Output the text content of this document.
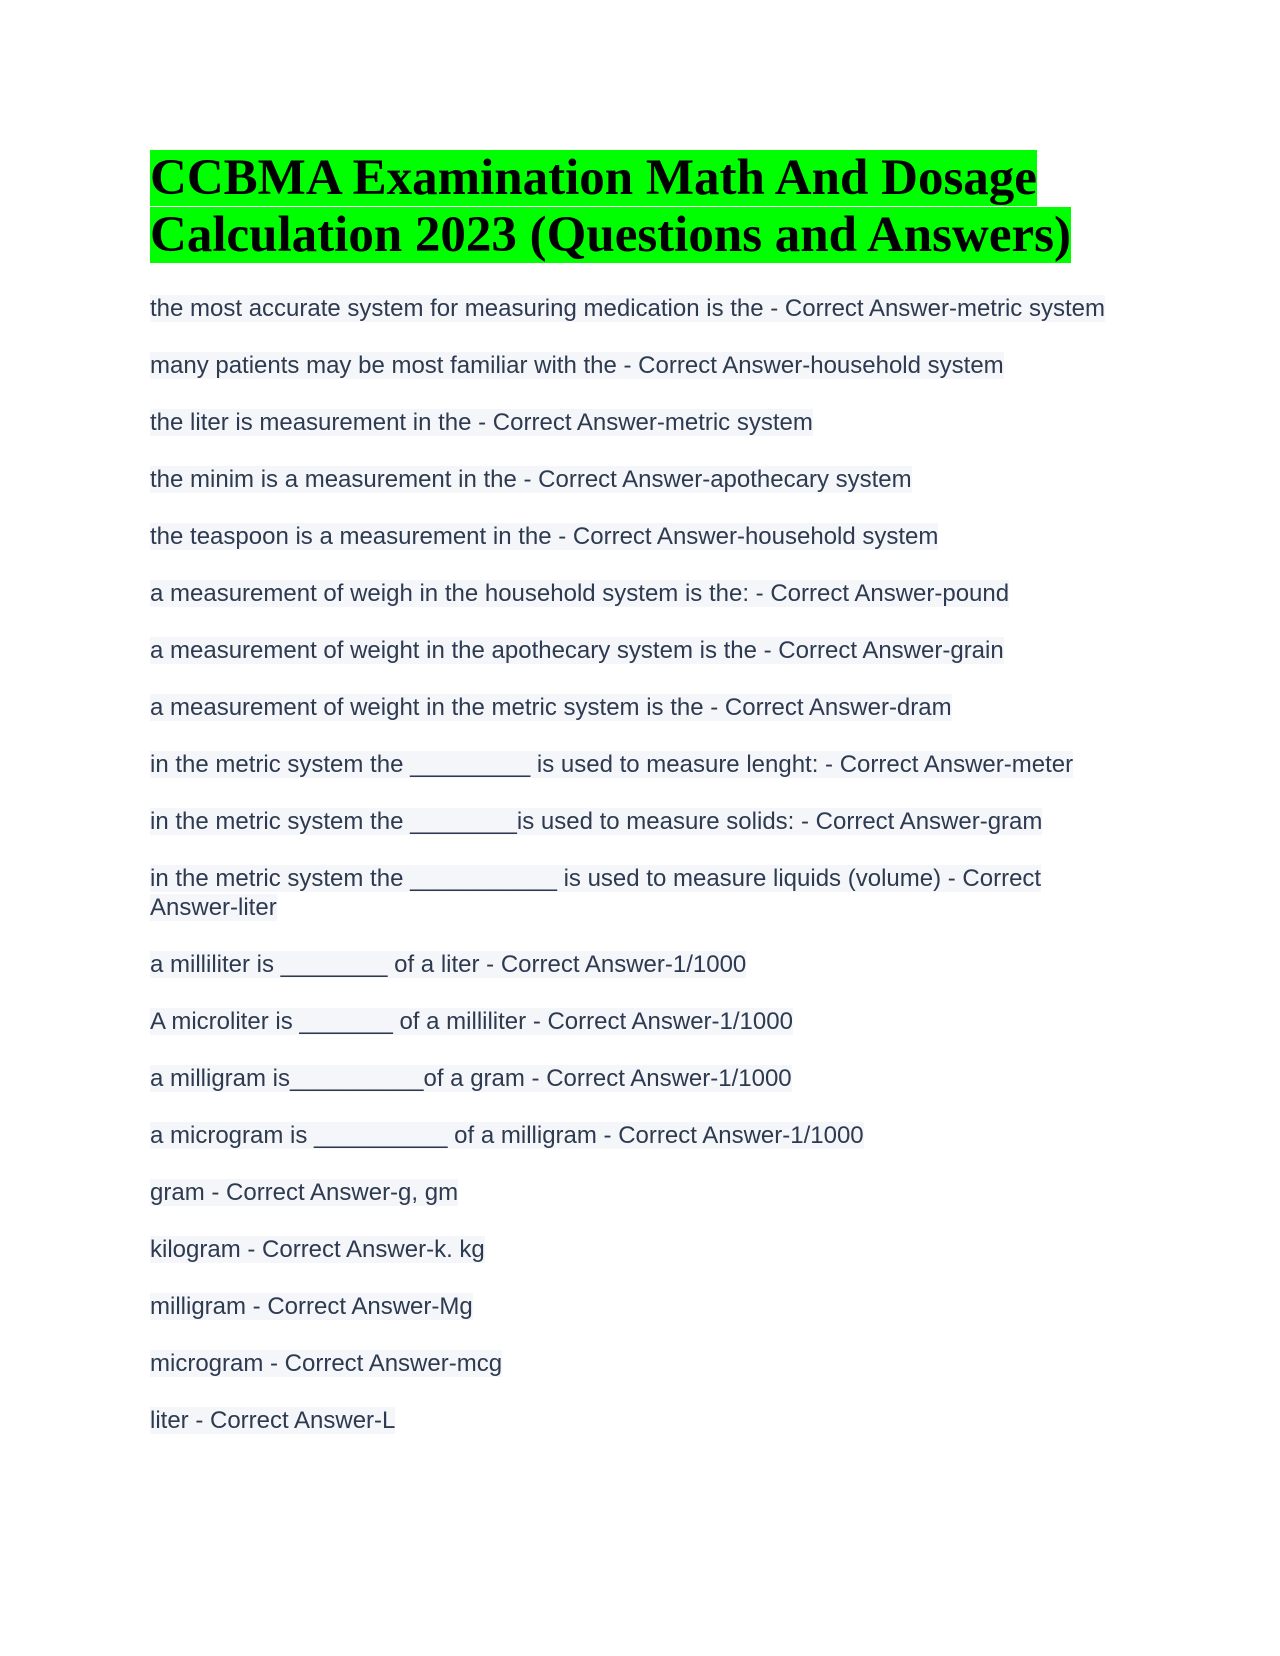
CCBMA Examination Math And Dosage Calculation 2023 (Questions and Answers)
the most accurate system for measuring medication is the - Correct Answer-metric system
many patients may be most familiar with the - Correct Answer-household system
the liter is measurement in the - Correct Answer-metric system
the minim is a measurement in the - Correct Answer-apothecary system
the teaspoon is a measurement in the - Correct Answer-household system
a measurement of weigh in the household system is the: - Correct Answer-pound
a measurement of weight in the apothecary system is the - Correct Answer-grain
a measurement of weight in the metric system is the - Correct Answer-dram
in the metric system the _________ is used to measure lenght: - Correct Answer-meter
in the metric system the ________is used to measure solids: - Correct Answer-gram
in the metric system the ___________ is used to measure liquids (volume) - Correct Answer-liter
a milliliter is ________ of a liter - Correct Answer-1/1000
A microliter is _______ of a milliliter - Correct Answer-1/1000
a milligram is__________of a gram - Correct Answer-1/1000
a microgram is __________ of a milligram - Correct Answer-1/1000
gram - Correct Answer-g, gm
kilogram - Correct Answer-k. kg
milligram - Correct Answer-Mg
microgram - Correct Answer-mcg
liter - Correct Answer-L
